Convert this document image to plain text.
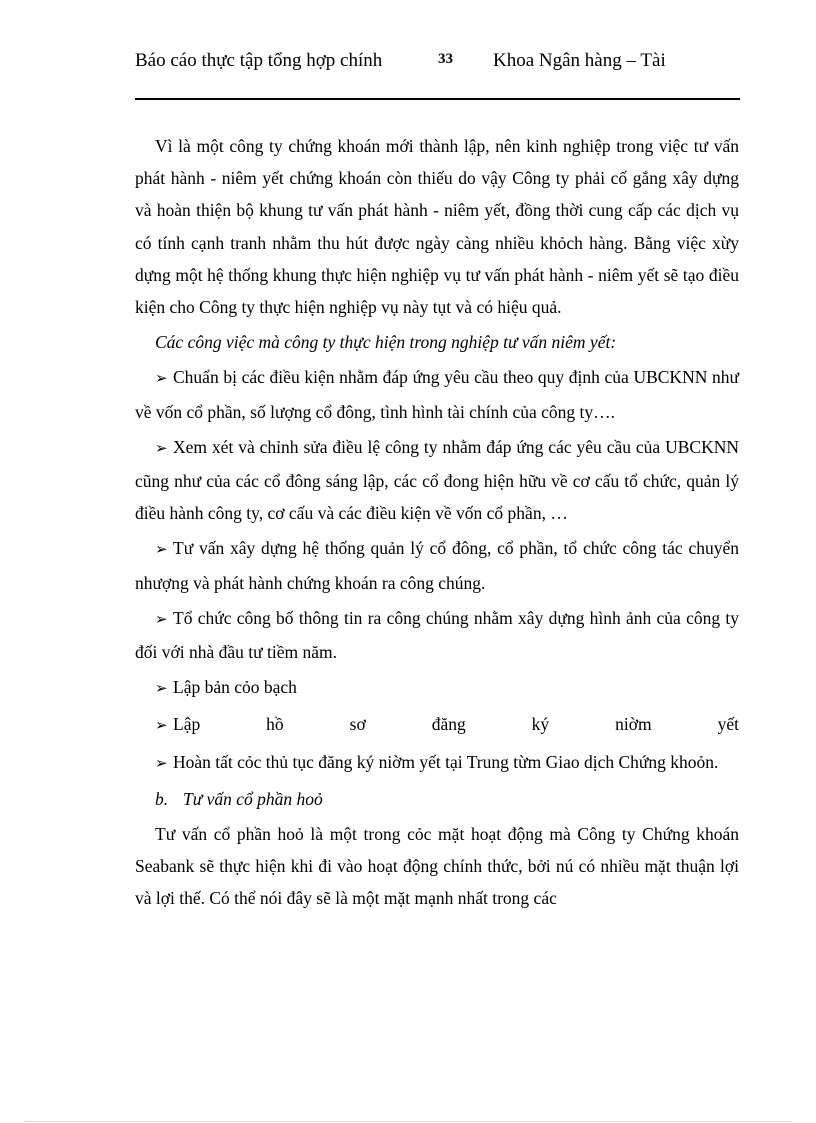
Báo cáo thực tập tổng hợp chính	33 Khoa Ngân hàng – Tài

Vì là một công ty chứng khoán mới thành lập, nên kinh nghiệp trong việc tư vấn phát hành - niêm yết chứng khoán còn thiếu do vậy Công ty phải cố gắng xây dựng và hoàn thiện bộ khung tư vấn phát hành - niêm yết, đồng thời cung cấp các dịch vụ có tính cạnh tranh nhằm thu hút được ngày càng nhiều khỏch hàng. Bằng việc xừy dựng một hệ thống khung thực hiện nghiệp vụ tư vấn phát hành - niêm yết sẽ tạo điều kiện cho Công ty thực hiện nghiệp vụ này tụt và có hiệu quả.

Các công việc mà công ty thực hiện trong nghiệp tư vấn niêm yết:

➢ Chuẩn bị các điều kiện nhằm đáp ứng yêu cầu theo quy định của UBCKNN như về vốn cổ phần, số lượng cổ đông, tình hình tài chính của công ty….

➢ Xem xét và chỉnh sửa điều lệ công ty nhằm đáp ứng các yêu cầu của UBCKNN cũng như của các cổ đông sáng lập, các cổ đong hiện hữu về cơ cấu tổ chức, quản lý điều hành công ty, cơ cấu và các điều kiện về vốn cổ phần, …

➢ Tư vấn xây dựng hệ thống quản lý cổ đông, cổ phần, tổ chức công tác chuyển nhượng và phát hành chứng khoán ra công chúng.

➢ Tổ chức công bố thông tin ra công chúng nhằm xây dựng hình ảnh của công ty đối với nhà đầu tư tiềm năm.

➢ Lập bản cỏo bạch

➢ Lập hồ sơ đăng ký niờm yết

➢ Hoàn tất cỏc thủ tục đăng ký niờm yết tại Trung từm Giao dịch Chứng khoỏn.

b. Tư vấn cổ phần hoỏ

Tư vấn cổ phần hoỏ là một trong cỏc mặt hoạt động mà Công ty Chứng khoán Seabank sẽ thực hiện khi đi vào hoạt động chính thức, bởi nú có nhiều mặt thuận lợi và lợi thế. Có thể nói đây sẽ là một mặt mạnh nhất trong các
